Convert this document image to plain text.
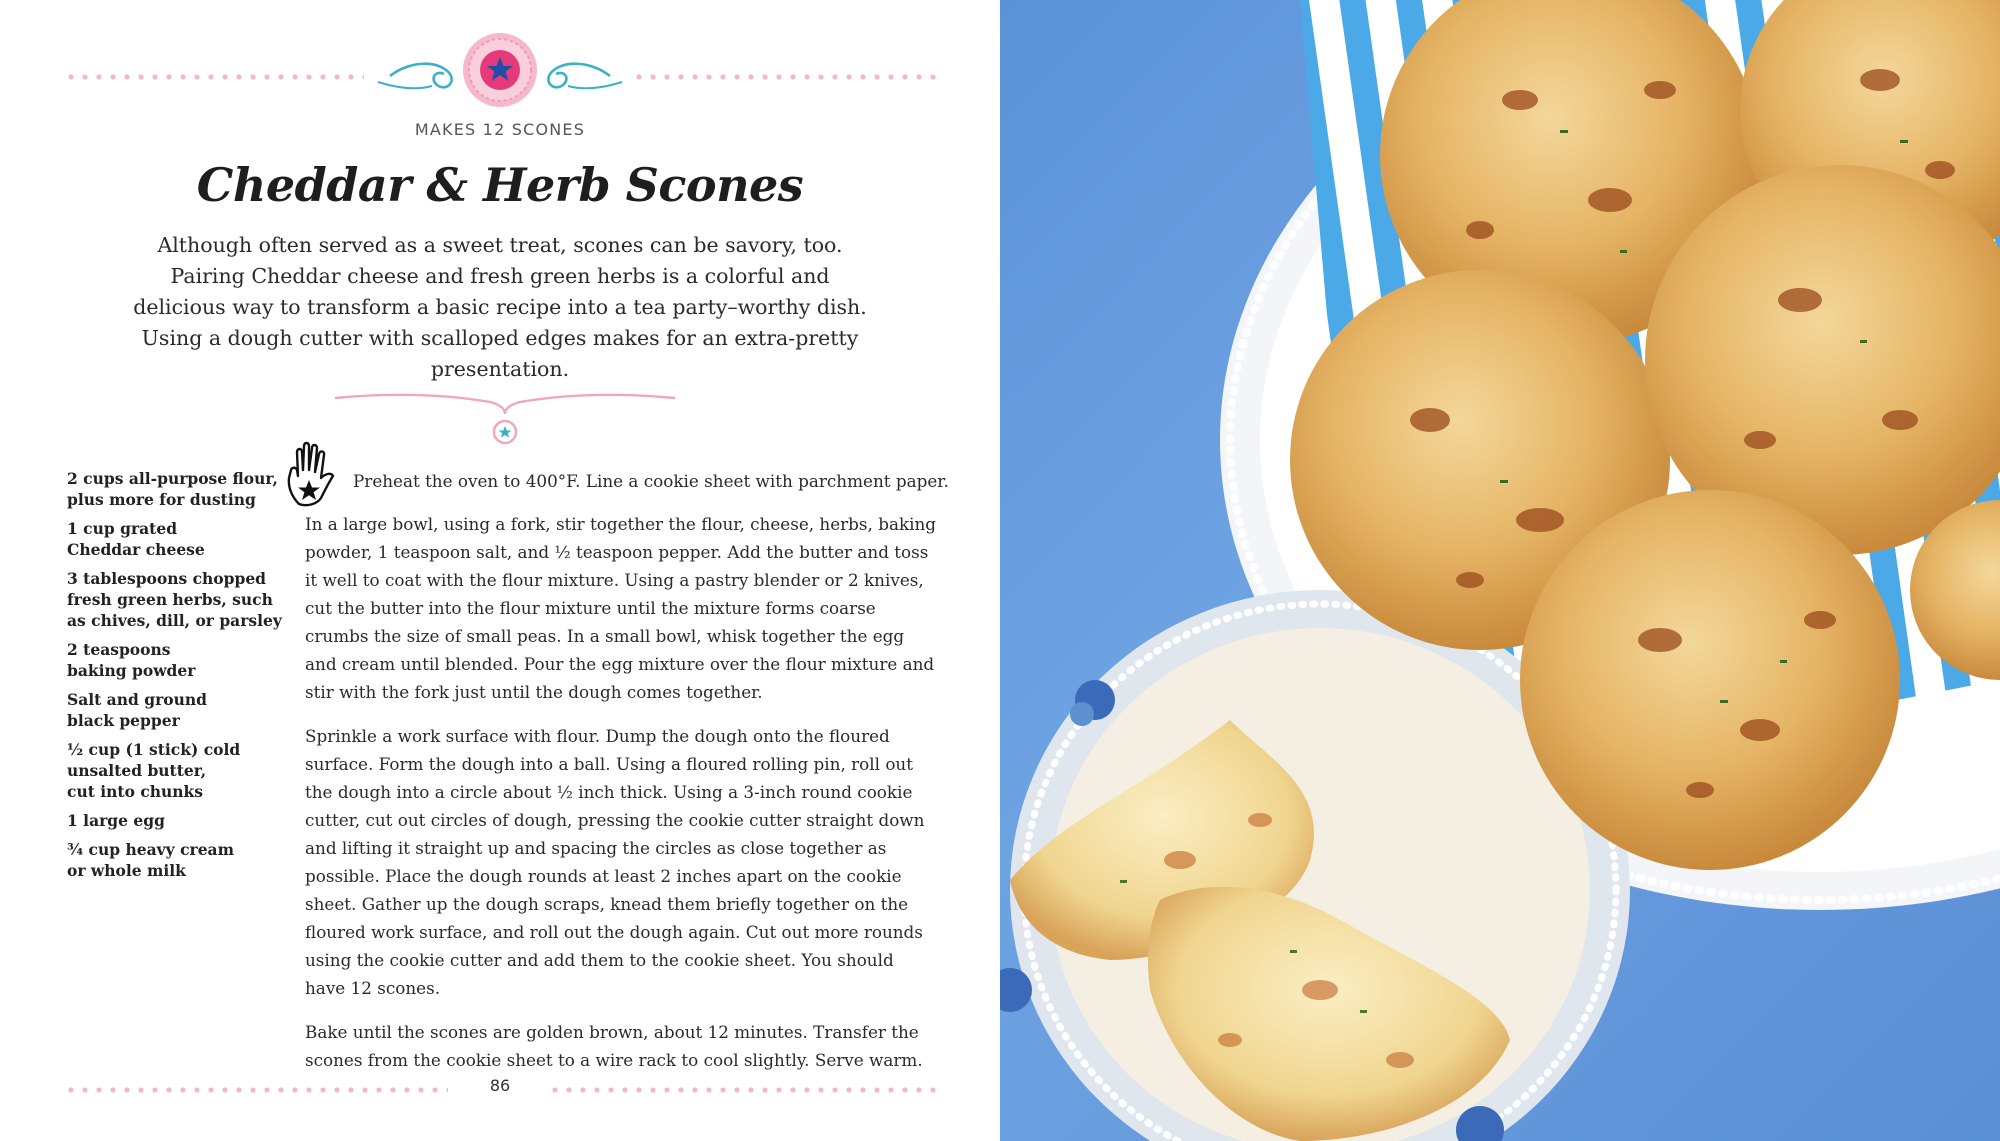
MAKES 12 SCONES
Cheddar & Herb Scones
Although often served as a sweet treat, scones can be savory, too. Pairing Cheddar cheese and fresh green herbs is a colorful and delicious way to transform a basic recipe into a tea party–worthy dish. Using a dough cutter with scalloped edges makes for an extra-pretty presentation.
2 cups all-purpose flour,
plus more for dusting
1 cup grated
Cheddar cheese
3 tablespoons chopped
fresh green herbs, such
as chives, dill, or parsley
2 teaspoons
baking powder
Salt and ground
black pepper
½ cup (1 stick) cold
unsalted butter,
cut into chunks
1 large egg
¾ cup heavy cream
or whole milk
Preheat the oven to 400°F. Line a cookie sheet with parchment paper.

In a large bowl, using a fork, stir together the flour, cheese, herbs, baking powder, 1 teaspoon salt, and ½ teaspoon pepper. Add the butter and toss it well to coat with the flour mixture. Using a pastry blender or 2 knives, cut the butter into the flour mixture until the mixture forms coarse crumbs the size of small peas. In a small bowl, whisk together the egg and cream until blended. Pour the egg mixture over the flour mixture and stir with the fork just until the dough comes together.

Sprinkle a work surface with flour. Dump the dough onto the floured surface. Form the dough into a ball. Using a floured rolling pin, roll out the dough into a circle about ½ inch thick. Using a 3-inch round cookie cutter, cut out circles of dough, pressing the cookie cutter straight down and lifting it straight up and spacing the circles as close together as possible. Place the dough rounds at least 2 inches apart on the cookie sheet. Gather up the dough scraps, knead them briefly together on the floured work surface, and roll out the dough again. Cut out more rounds using the cookie cutter and add them to the cookie sheet. You should have 12 scones.

Bake until the scones are golden brown, about 12 minutes. Transfer the scones from the cookie sheet to a wire rack to cool slightly. Serve warm.

86
